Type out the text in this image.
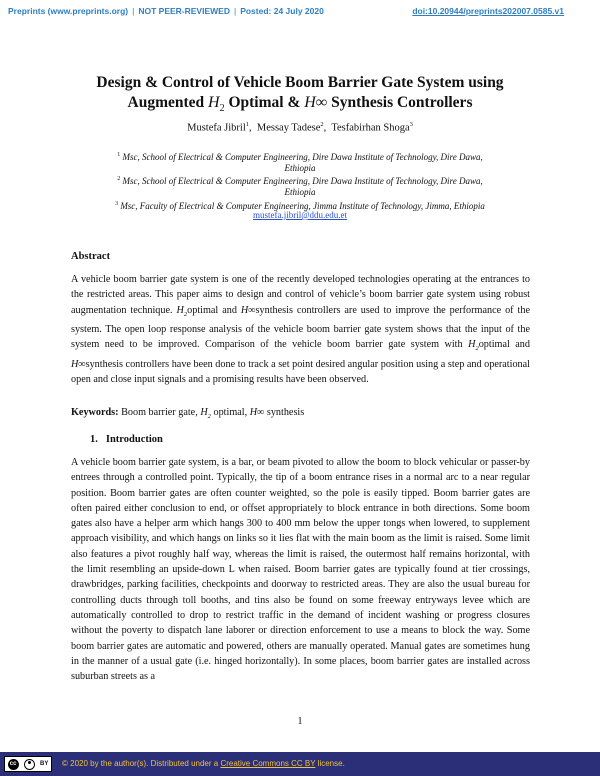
Preprints (www.preprints.org) | NOT PEER-REVIEWED | Posted: 24 July 2020	doi:10.20944/preprints202007.0585.v1
Design & Control of Vehicle Boom Barrier Gate System using
Augmented $H_2$ Optimal & H∞ Synthesis Controllers
Mustefa Jibril$^1$,  Messay Tadese$^2$,  Tesfabirhan Shoga$^3$
$^1$ Msc, School of Electrical & Computer Engineering, Dire Dawa Institute of Technology, Dire Dawa,
Ethiopia
$^2$ Msc, School of Electrical & Computer Engineering, Dire Dawa Institute of Technology, Dire Dawa,
Ethiopia
$^3$ Msc, Faculty of Electrical & Computer Engineering, Jimma Institute of Technology, Jimma, Ethiopia
mustefa.jibril@ddu.edu.et
Abstract
A vehicle boom barrier gate system is one of the recently developed technologies operating at the entrances to the restricted areas. This paper aims to design and control of vehicle’s boom barrier gate system using robust augmentation technique. $H_2optimal$ and H∞synthesis controllers are used to improve the performance of the system. The open loop response analysis of the vehicle boom barrier gate system shows that the input of the system need to be improved. Comparison of the vehicle boom barrier gate system with $H_2optimal$ and H∞synthesis controllers have been done to track a set point desired angular position using a step and operational open and close input signals and a promising results have been observed.
Keywords: Boom barrier gate, $H_2$ optimal, H∞ synthesis
1. Introduction
A vehicle boom barrier gate system, is a bar, or beam pivoted to allow the boom to block vehicular or passer-by entrees through a controlled point. Typically, the tip of a boom entrance rises in a normal arc to a near regular position. Boom barrier gates are often counter weighted, so the pole is easily tipped. Boom barrier gates are often paired either conclusion to end, or offset appropriately to block entrance in both directions. Some boom gates also have a helper arm which hangs 300 to 400 mm below the upper tongs when lowered, to supplement approach visibility, and which hangs on links so it lies flat with the main boom as the limit is raised. Some limit also features a pivot roughly half way, whereas the limit is raised, the outermost half remains horizontal, with the limit resembling an upside-down L when raised. Boom barrier gates are typically found at tier crossings, drawbridges, parking facilities, checkpoints and doorway to restricted areas. They are also the usual bureau for controlling ducts through toll booths, and tins also be found on some freeway entryways levee which are automatically controlled to drop to restrict traffic in the demand of incident washing or progress closures without the poverty to dispatch lane laborer or direction enforcement to use a means to block the way. Some boom barrier gates are automatic and powered, others are manually operated. Manual gates are sometimes hung in the manner of a usual gate (i.e. hinged horizontally). In some places, boom barrier gates are installed across suburban streets as a
1
cc	BY © 2020 by the author(s). Distributed under a Creative Commons CC BY license.
